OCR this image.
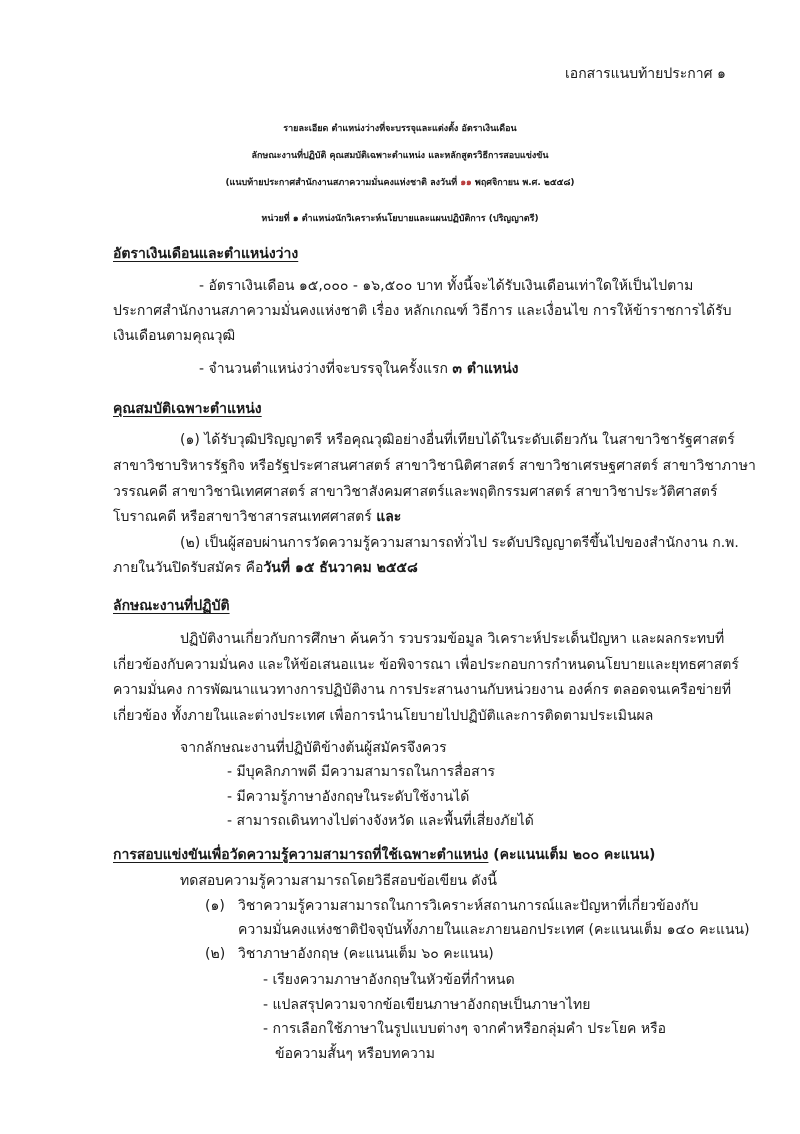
เอกสารแนบท้ายประกาศ ๑
รายละเอียด ตำแหน่งว่างที่จะบรรจุและแต่งตั้ง อัตราเงินเดือน
ลักษณะงานที่ปฏิบัติ คุณสมบัติเฉพาะตำแหน่ง และหลักสูตรวิธีการสอบแข่งขัน
(แนบท้ายประกาศสำนักงานสภาความมั่นคงแห่งชาติ ลงวันที่ ๑๑ พฤศจิกายน พ.ศ. ๒๕๕๘)
หน่วยที่ ๑ ตำแหน่งนักวิเคราะห์นโยบายและแผนปฏิบัติการ (ปริญญาตรี)
อัตราเงินเดือนและตำแหน่งว่าง
- อัตราเงินเดือน ๑๕,๐๐๐ - ๑๖,๕๐๐ บาท ทั้งนี้จะได้รับเงินเดือนเท่าใดให้เป็นไปตาม
ประกาศสำนักงานสภาความมั่นคงแห่งชาติ เรื่อง หลักเกณฑ์ วิธีการ และเงื่อนไข การให้ข้าราชการได้รับ
เงินเดือนตามคุณวุฒิ
- จำนวนตำแหน่งว่างที่จะบรรจุในครั้งแรก ๓ ตำแหน่ง
คุณสมบัติเฉพาะตำแหน่ง
(๑) ได้รับวุฒิปริญญาตรี หรือคุณวุฒิอย่างอื่นที่เทียบได้ในระดับเดียวกัน ในสาขาวิชารัฐศาสตร์
สาขาวิชาบริหารรัฐกิจ หรือรัฐประศาสนศาสตร์ สาขาวิชานิติศาสตร์ สาขาวิชาเศรษฐศาสตร์ สาขาวิชาภาษา
วรรณคดี สาขาวิชานิเทศศาสตร์ สาขาวิชาสังคมศาสตร์และพฤติกรรมศาสตร์ สาขาวิชาประวัติศาสตร์
โบราณคดี หรือสาขาวิชาสารสนเทศศาสตร์ และ
(๒) เป็นผู้สอบผ่านการวัดความรู้ความสามารถทั่วไป ระดับปริญญาตรีขึ้นไปของสำนักงาน ก.พ.
ภายในวันปิดรับสมัคร คือวันที่ ๑๕ ธันวาคม ๒๕๕๘
ลักษณะงานที่ปฏิบัติ
ปฏิบัติงานเกี่ยวกับการศึกษา ค้นคว้า รวบรวมข้อมูล วิเคราะห์ประเด็นปัญหา และผลกระทบที่
เกี่ยวข้องกับความมั่นคง และให้ข้อเสนอแนะ ข้อพิจารณา เพื่อประกอบการกำหนดนโยบายและยุทธศาสตร์
ความมั่นคง การพัฒนาแนวทางการปฏิบัติงาน การประสานงานกับหน่วยงาน องค์กร ตลอดจนเครือข่ายที่
เกี่ยวข้อง ทั้งภายในและต่างประเทศ เพื่อการนำนโยบายไปปฏิบัติและการติดตามประเมินผล
จากลักษณะงานที่ปฏิบัติข้างต้นผู้สมัครจึงควร
- มีบุคลิกภาพดี มีความสามารถในการสื่อสาร
- มีความรู้ภาษาอังกฤษในระดับใช้งานได้
- สามารถเดินทางไปต่างจังหวัด และพื้นที่เสี่ยงภัยได้
การสอบแข่งขันเพื่อวัดความรู้ความสามารถที่ใช้เฉพาะตำแหน่ง (คะแนนเต็ม ๒๐๐ คะแนน)
ทดสอบความรู้ความสามารถโดยวิธีสอบข้อเขียน ดังนี้
(๑) วิชาความรู้ความสามารถในการวิเคราะห์สถานการณ์และปัญหาที่เกี่ยวข้องกับ
ความมั่นคงแห่งชาติปัจจุบันทั้งภายในและภายนอกประเทศ (คะแนนเต็ม ๑๔๐ คะแนน)
(๒) วิชาภาษาอังกฤษ (คะแนนเต็ม ๖๐ คะแนน)
- เรียงความภาษาอังกฤษในหัวข้อที่กำหนด
- แปลสรุปความจากข้อเขียนภาษาอังกฤษเป็นภาษาไทย
- การเลือกใช้ภาษาในรูปแบบต่างๆ จากคำหรือกลุ่มคำ ประโยค หรือ
ข้อความสั้นๆ หรือบทความ
